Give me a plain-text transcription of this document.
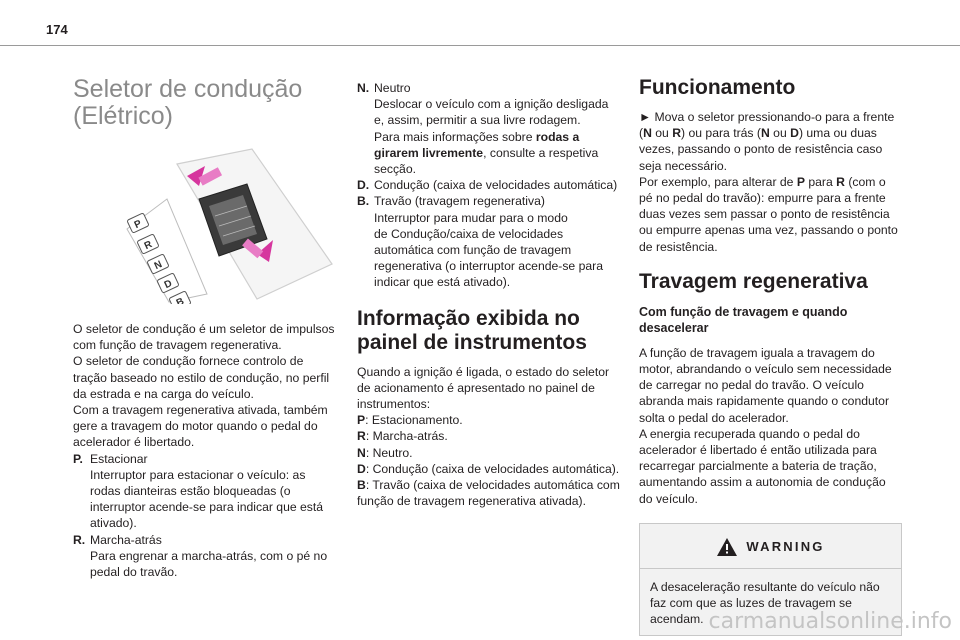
174
Seletor de condução
(Elétrico)
P
R
N
D
B

O seletor de condução é um seletor de impulsos

com função de travagem regenerativa.

O seletor de condução fornece controlo de

tração baseado no estilo de condução, no perfil

da estrada e na carga do veículo.

Com a travagem regenerativa ativada, também

gere a travagem do motor quando o pedal do

acelerador é libertado.

P. Estacionar
Interruptor para estacionar o veículo: as
rodas dianteiras estão bloqueadas (o
interruptor acende-se para indicar que está
ativado).
R. Marcha-atrás
Para engrenar a marcha-atrás, com o pé no
pedal do travão.
N. Neutro
Deslocar o veículo com a ignição desligada
e, assim, permitir a sua livre rodagem.
Para mais informações sobre rodas a
girarem livremente, consulte a respetiva
secção.
D. Condução (caixa de velocidades automática)
B. Travão (travagem regenerativa)
Interruptor para mudar para o modo
de Condução/caixa de velocidades
automática com função de travagem
regenerativa (o interruptor acende-se para
indicar que está ativado).
Informação exibida no
painel de instrumentos

Quando a ignição é ligada, o estado do seletor

de acionamento é apresentado no painel de

instrumentos:

P: Estacionamento.

R: Marcha-atrás.

N: Neutro.

D: Condução (caixa de velocidades automática).

B: Travão (caixa de velocidades automática com

função de travagem regenerativa ativada).

Funcionamento

► Mova o seletor pressionando-o para a frente

(N ou R) ou para trás (N ou D) uma ou duas

vezes, passando o ponto de resistência caso

seja necessário.

Por exemplo, para alterar de P para R (com o

pé no pedal do travão): empurre para a frente

duas vezes sem passar o ponto de resistência

ou empurre apenas uma vez, passando o ponto

de resistência.

Travagem regenerativa
Com função de travagem e quando
desacelerar

A função de travagem iguala a travagem do

motor, abrandando o veículo sem necessidade

de carregar no pedal do travão. O veículo

abranda mais rapidamente quando o condutor

solta o pedal do acelerador.

A energia recuperada quando o pedal do

acelerador é libertado é então utilizada para

recarregar parcialmente a bateria de tração,

aumentando assim a autonomia de condução

do veículo.

WARNING

A desaceleração resultante do veículo não

faz com que as luzes de travagem se

acendam. carmanualsonline.info
